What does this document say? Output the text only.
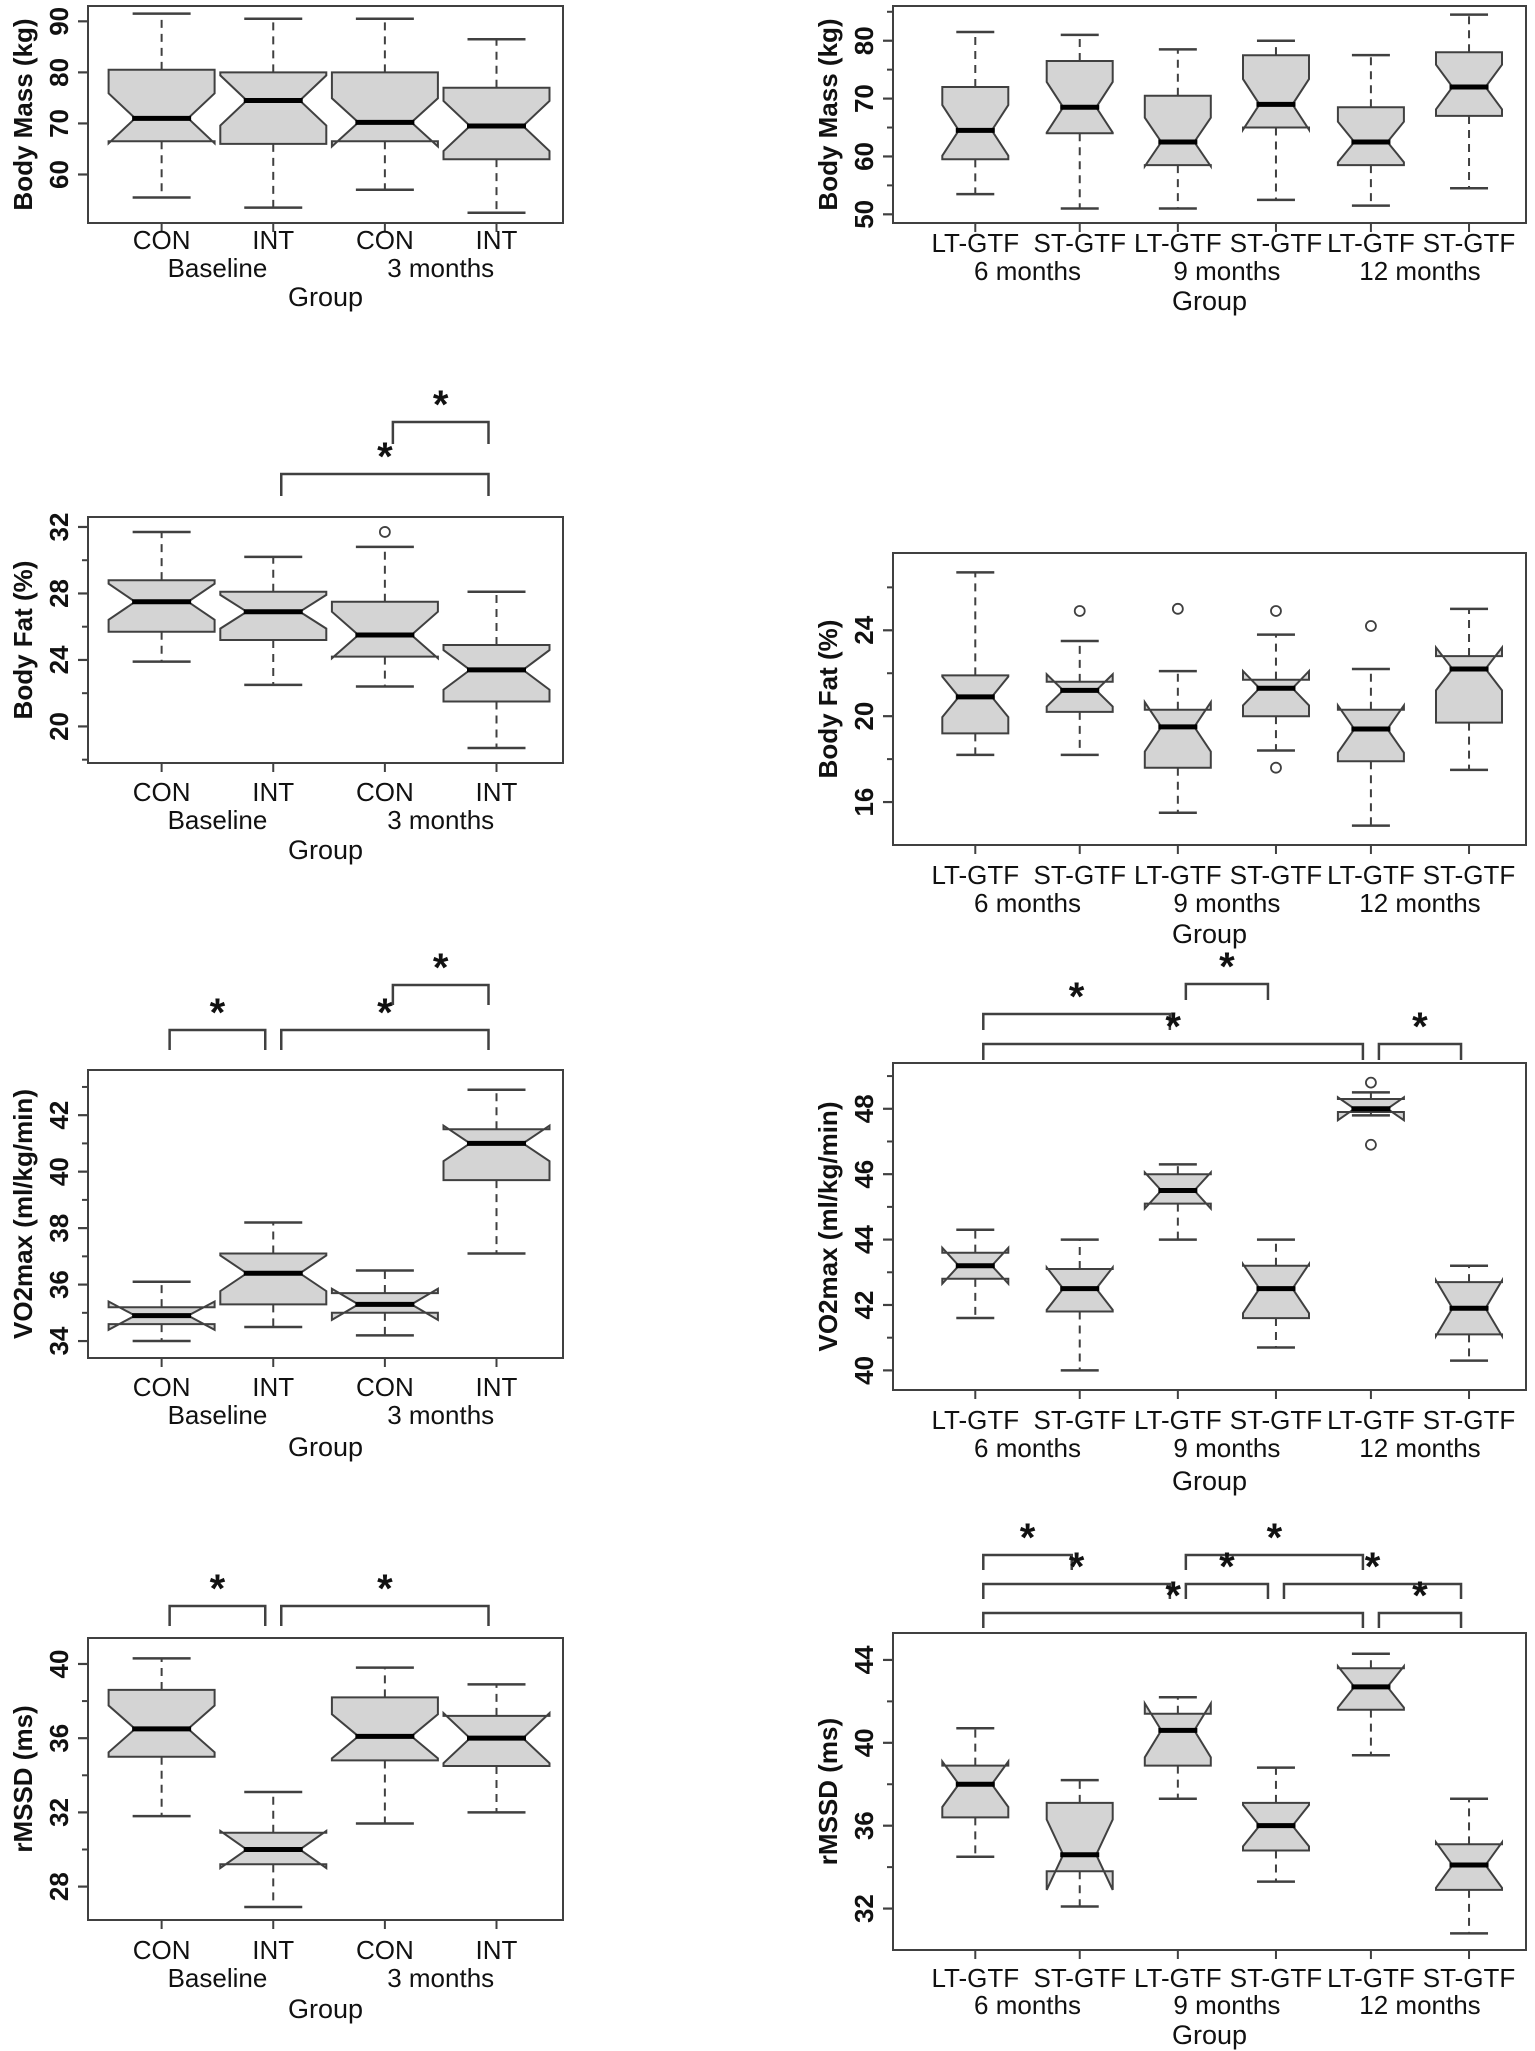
60
70
80
90
Body Mass (kg)
CON INT CON INT
Baseline	3 months
Group
50
60
70
80
Body Mass (kg)
LT-GTF ST-GTF LT-GTF ST-GTF LT-GTF ST-GTF
6 months	9 months	12 months
Group
20
24
28
32
Body Fat (%)
CON INT CON INT
Baseline	3 months
Group
*
*
16
20
24
Body Fat (%)
LT-GTF ST-GTF LT-GTF ST-GTF LT-GTF ST-GTF
6 months	9 months	12 months
Group
34
36
38
40
42
VO2max (ml/kg/min)
CON INT CON INT
Baseline	3 months
Group
*	*
*
40
42
44
46
48
VO2max (ml/kg/min)
LT-GTF ST-GTF LT-GTF ST-GTF LT-GTF ST-GTF
6 months	9 months	12 months
Group
*
*
*	*
28
32
36
40
rMSSD (ms)
CON INT CON INT
Baseline	3 months
Group
*	*
32
36
40
44
rMSSD (ms)
LT-GTF ST-GTF LT-GTF ST-GTF LT-GTF ST-GTF
6 months	9 months	12 months
Group
*	*
*	*	*
*	*
